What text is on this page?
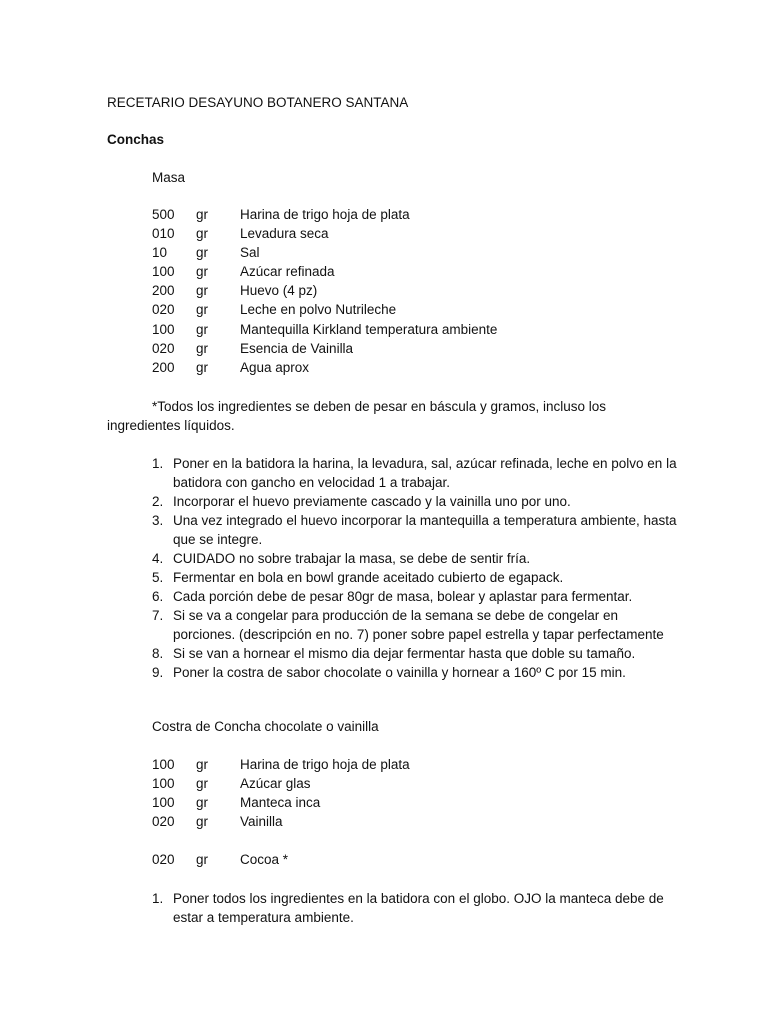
RECETARIO DESAYUNO BOTANERO SANTANA
Conchas
Masa
500 gr Harina de trigo hoja de plata
010 gr Levadura seca
10 gr Sal
100 gr Azúcar refinada
200 gr Huevo (4 pz)
020 gr Leche en polvo Nutrileche
100 gr Mantequilla Kirkland temperatura ambiente
020 gr Esencia de Vainilla
200 gr Agua aprox
*Todos los ingredientes se deben de pesar en báscula y gramos, incluso los
ingredientes líquidos.
1. Poner en la batidora la harina, la levadura, sal, azúcar refinada, leche en polvo en la batidora con gancho en velocidad 1 a trabajar.
2. Incorporar el huevo previamente cascado y la vainilla uno por uno.
3. Una vez integrado el huevo incorporar la mantequilla a temperatura ambiente, hasta que se integre.
4. CUIDADO no sobre trabajar la masa, se debe de sentir fría.
5. Fermentar en bola en bowl grande aceitado cubierto de egapack.
6. Cada porción debe de pesar 80gr de masa, bolear y aplastar para fermentar.
7. Si se va a congelar para producción de la semana se debe de congelar en porciones. (descripción en no. 7) poner sobre papel estrella y tapar perfectamente
8. Si se van a hornear el mismo dia dejar fermentar hasta que doble su tamaño.
9. Poner la costra de sabor chocolate o vainilla y hornear a 160º C por 15 min.
Costra de Concha chocolate o vainilla
100 gr Harina de trigo hoja de plata
100 gr Azúcar glas
100 gr Manteca inca
020 gr Vainilla
020 gr Cocoa *
1. Poner todos los ingredientes en la batidora con el globo. OJO la manteca debe de estar a temperatura ambiente.
